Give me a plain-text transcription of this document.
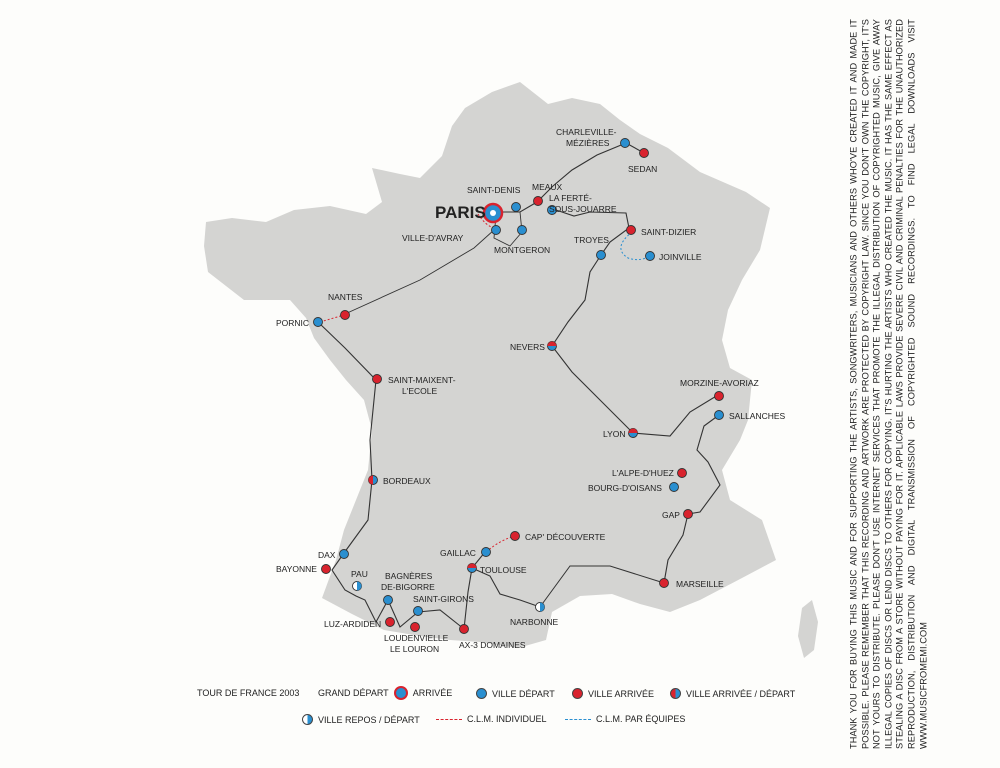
PARIS
SAINT-DENIS MEAUX
LA FERTÉ-
SOUS-JOUARRE
CHARLEVILLE-
MÉZIÈRES
SEDAN
SAINT-DIZIER
TROYES
JOINVILLE
VILLE-D'AVRAY
MONTGERON
NANTES
PORNIC
NEVERS
SAINT-MAIXENT-
L'ECOLE
MORZINE-AVORIAZ
SALLANCHES
LYON
BORDEAUX
L'ALPE-D'HUEZ
BOURG-D'OISANS
GAP
CAP' DÉCOUVERTE
GAILLAC
DAX
BAYONNE	PAU BAGNÈRES
DE-BIGORRE
TOULOUSE
MARSEILLE
SAINT-GIRONS
NARBONNE
LUZ-ARDIDEN
LOUDENVIELLE
LE LOURON AX-3 DOMAINES
TOUR DE FRANCE 2003 GRAND DÉPART	ARRIVÉE	VILLE DÉPART	VILLE ARRIVÉE	VILLE ARRIVÉE / DÉPART
VILLE REPOS / DÉPART	C.L.M. INDIVIDUEL	C.L.M. PAR ÉQUIPES	THANK YOU FOR BUYING THIS MUSIC AND FOR SUPPORTING THE ARTISTS, SONGWRITERS, MUSICIANS AND OTHERS WHO'VE CREATED IT AND MADE IT POSSIBLE. PLEASE REMEMBER THAT THIS RECORDING AND ARTWORK ARE PROTECTED BY COPYRIGHT LAW. SINCE YOU DON'T OWN THE COPYRIGHT, IT'S NOT YOURS TO DISTRIBUTE. PLEASE DON'T USE INTERNET SERVICES THAT PROMOTE THE ILLEGAL DISTRIBUTION OF COPYRIGHTED MUSIC, GIVE AWAY ILLEGAL COPIES OF DISCS OR LEND DISCS TO OTHERS FOR COPYING. IT'S HURTING THE ARTISTS WHO CREATED THE MUSIC. IT HAS THE SAME EFFECT AS STEALING A DISC FROM A STORE WITHOUT PAYING FOR IT. APPLICABLE LAWS PROVIDE SEVERE CIVIL AND CRIMINAL PENALTIES FOR THE UNAUTHORIZED REPRODUCTION, DISTRIBUTION AND DIGITAL TRANSMISSION OF COPYRIGHTED SOUND RECORDINGS. TO FIND LEGAL DOWNLOADS VISIT WWW.MUSICFROMEMI.COM
